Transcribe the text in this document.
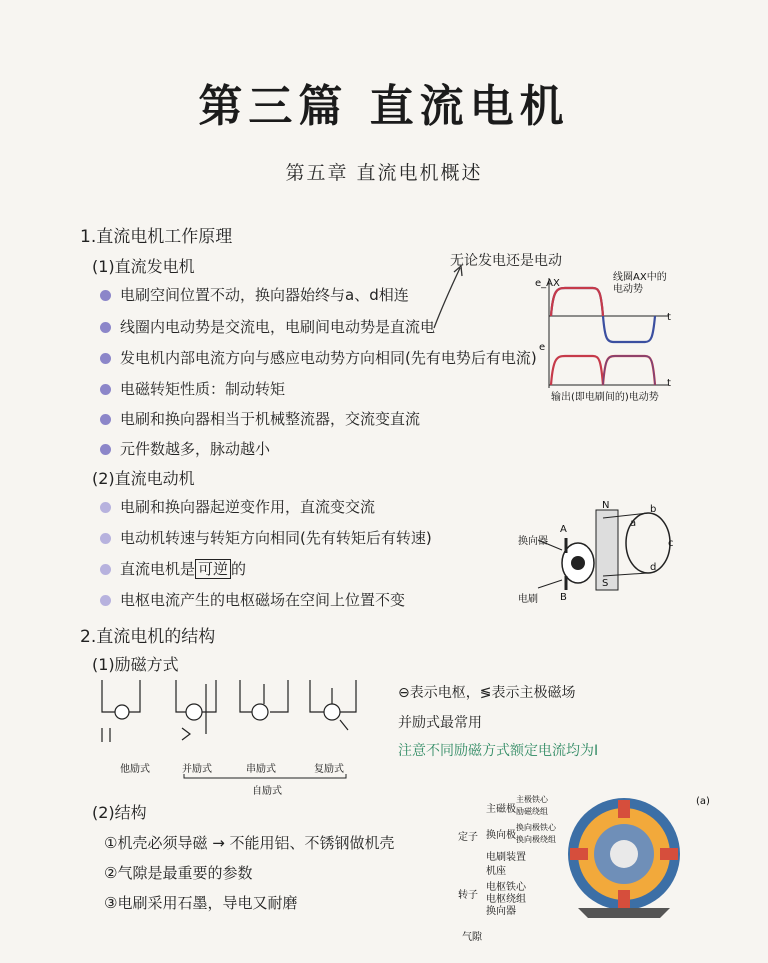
第三篇 直流电机
第五章 直流电机概述
1.直流电机工作原理
(1)直流发电机	无论发电还是电动
电刷空间位置不动，换向器始终与a、d相连
线圈内电动势是交流电，电刷间电动势是直流电
发电机内部电流方向与感应电动势方向相同(先有电势后有电流)
电磁转矩性质：制动转矩
电刷和换向器相当于机械整流器，交流变直流
元件数越多，脉动越小
e_AX
e
t
t
线圈AX中的电动势
输出(即电刷间的)电动势
(2)直流电动机
电刷和换向器起逆变作用，直流变交流
电动机转速与转矩方向相同(先有转矩后有转速)
直流电机是 可逆 的
电枢电流产生的电枢磁场在空间上位置不变
换向器
电刷
A
B
N
S
a
b
c
d
2.直流电机的结构
(1)励磁方式
他励式	并励式	串励式	复励式
自励式
⊖表示电枢，≶表示主极磁场
并励式最常用
注意不同励磁方式额定电流均为I
(2)结构
①机壳必须导磁 → 不能用铝、不锈钢做机壳
②气隙是最重要的参数
③电刷采用石墨，导电又耐磨
定子
转子
气隙
主磁极
主极铁心
励磁绕组
换向极
换向极铁心
换向极绕组
电刷装置
机座
电枢铁心
电枢绕组
换向器
(a)
